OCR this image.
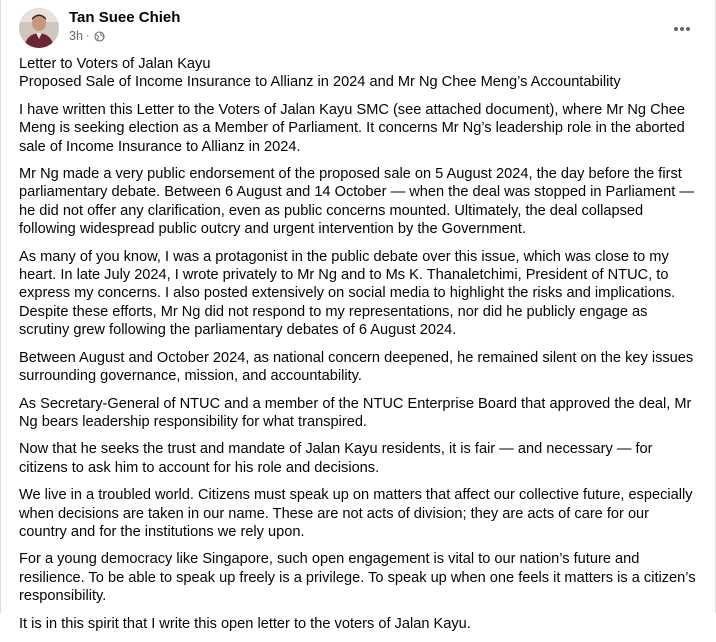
Tan Suee Chieh
3h ·

Letter to Voters of Jalan Kayu

Proposed Sale of Income Insurance to Allianz in 2024 and Mr Ng Chee Meng’s Accountability

I have written this Letter to the Voters of Jalan Kayu SMC (see attached document), where Mr Ng Chee Meng is seeking election as a Member of Parliament. It concerns Mr Ng’s leadership role in the aborted sale of Income Insurance to Allianz in 2024.

Mr Ng made a very public endorsement of the proposed sale on 5 August 2024, the day before the first parliamentary debate. Between 6 August and 14 October — when the deal was stopped in Parliament — he did not offer any clarification, even as public concerns mounted. Ultimately, the deal collapsed following widespread public outcry and urgent intervention by the Government.

As many of you know, I was a protagonist in the public debate over this issue, which was close to my heart. In late July 2024, I wrote privately to Mr Ng and to Ms K. Thanaletchimi, President of NTUC, to express my concerns. I also posted extensively on social media to highlight the risks and implications. Despite these efforts, Mr Ng did not respond to my representations, nor did he publicly engage as scrutiny grew following the parliamentary debates of 6 August 2024.

Between August and October 2024, as national concern deepened, he remained silent on the key issues surrounding governance, mission, and accountability.

As Secretary-General of NTUC and a member of the NTUC Enterprise Board that approved the deal, Mr Ng bears leadership responsibility for what transpired.

Now that he seeks the trust and mandate of Jalan Kayu residents, it is fair — and necessary — for citizens to ask him to account for his role and decisions.

We live in a troubled world. Citizens must speak up on matters that affect our collective future, especially when decisions are taken in our name. These are not acts of division; they are acts of care for our country and for the institutions we rely upon.

For a young democracy like Singapore, such open engagement is vital to our nation’s future and resilience. To be able to speak up freely is a privilege. To speak up when one feels it matters is a citizen’s responsibility.

It is in this spirit that I write this open letter to the voters of Jalan Kayu.
